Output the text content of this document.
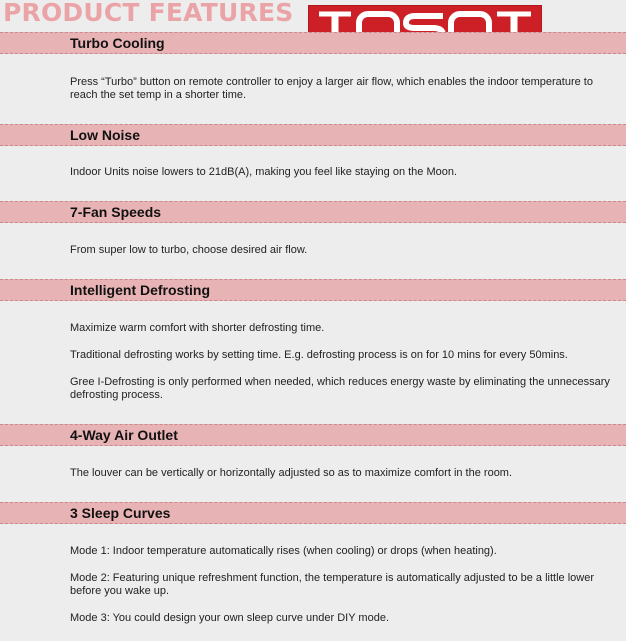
PRODUCT FEATURES
Turbo Cooling

Press “Turbo” button on remote controller to enjoy a larger air flow, which enables the indoor temperature to reach the set temp in a shorter time.

Low Noise

Indoor Units noise lowers to 21dB(A), making you feel like staying on the Moon.

7-Fan Speeds

From super low to turbo, choose desired air flow.

Intelligent Defrosting

Maximize warm comfort with shorter defrosting time.

Traditional defrosting works by setting time. E.g. defrosting process is on for 10 mins for every 50mins.

Gree I-Defrosting is only performed when needed, which reduces energy waste by eliminating the unnecessary defrosting process.

4-Way Air Outlet

The louver can be vertically or horizontally adjusted so as to maximize comfort in the room.

3 Sleep Curves

Mode 1: Indoor temperature automatically rises (when cooling) or drops (when heating).

Mode 2: Featuring unique refreshment function, the temperature is automatically adjusted to be a little lower before you wake up.

Mode 3: You could design your own sleep curve under DIY mode.
